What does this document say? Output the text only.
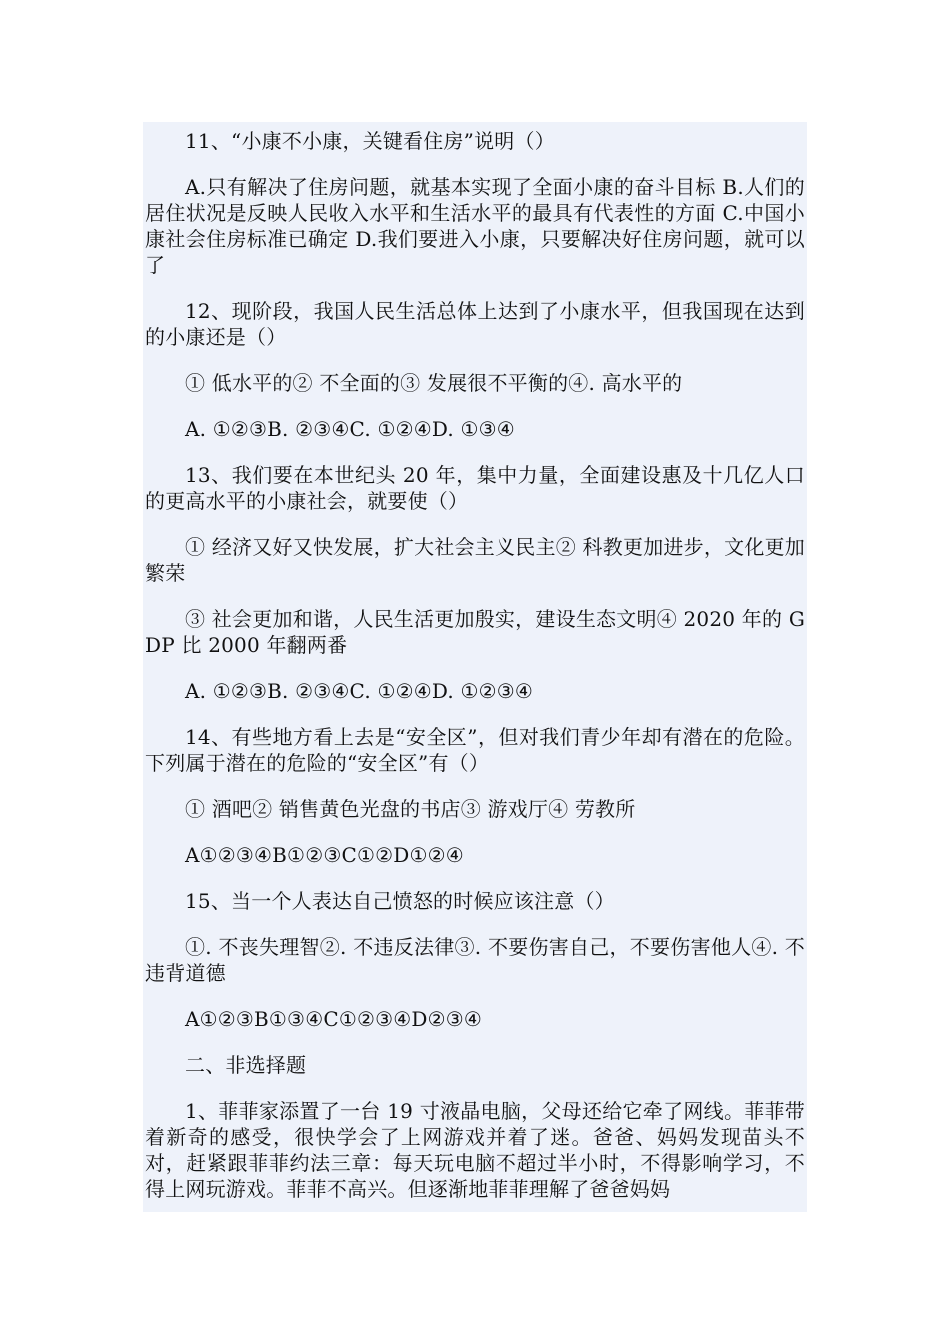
11、“小康不小康，关键看住房”说明（）

A.只有解决了住房问题，就基本实现了全面小康的奋斗目标 B.人们的居住状况是反映人民收入水平和生活水平的最具有代表性的方面 C.中国小康社会住房标准已确定 D.我们要进入小康，只要解决好住房问题，就可以了

12、现阶段，我国人民生活总体上达到了小康水平，但我国现在达到的小康还是（）

① 低水平的② 不全面的③ 发展很不平衡的④. 高水平的

A. ①②③B. ②③④C. ①②④D. ①③④

13、我们要在本世纪头 20 年，集中力量，全面建设惠及十几亿人口的更高水平的小康社会，就要使（）

① 经济又好又快发展，扩大社会主义民主② 科教更加进步，文化更加繁荣

③ 社会更加和谐，人民生活更加殷实，建设生态文明④ 2020 年的 GDP 比 2000 年翻两番

A. ①②③B. ②③④C. ①②④D. ①②③④

14、有些地方看上去是“安全区”，但对我们青少年却有潜在的危险。下列属于潜在的危险的“安全区”有（）

① 酒吧② 销售黄色光盘的书店③ 游戏厅④ 劳教所

A①②③④B①②③C①②D①②④

15、当一个人表达自己愤怒的时候应该注意（）

①. 不丧失理智②. 不违反法律③. 不要伤害自己，不要伤害他人④. 不违背道德

A①②③B①③④C①②③④D②③④

二、非选择题

1、菲菲家添置了一台 19 寸液晶电脑，父母还给它牵了网线。菲菲带着新奇的感受，很快学会了上网游戏并着了迷。爸爸、妈妈发现苗头不对，赶紧跟菲菲约法三章：每天玩电脑不超过半小时，不得影响学习，不得上网玩游戏。菲菲不高兴。但逐渐地菲菲理解了爸爸妈妈
